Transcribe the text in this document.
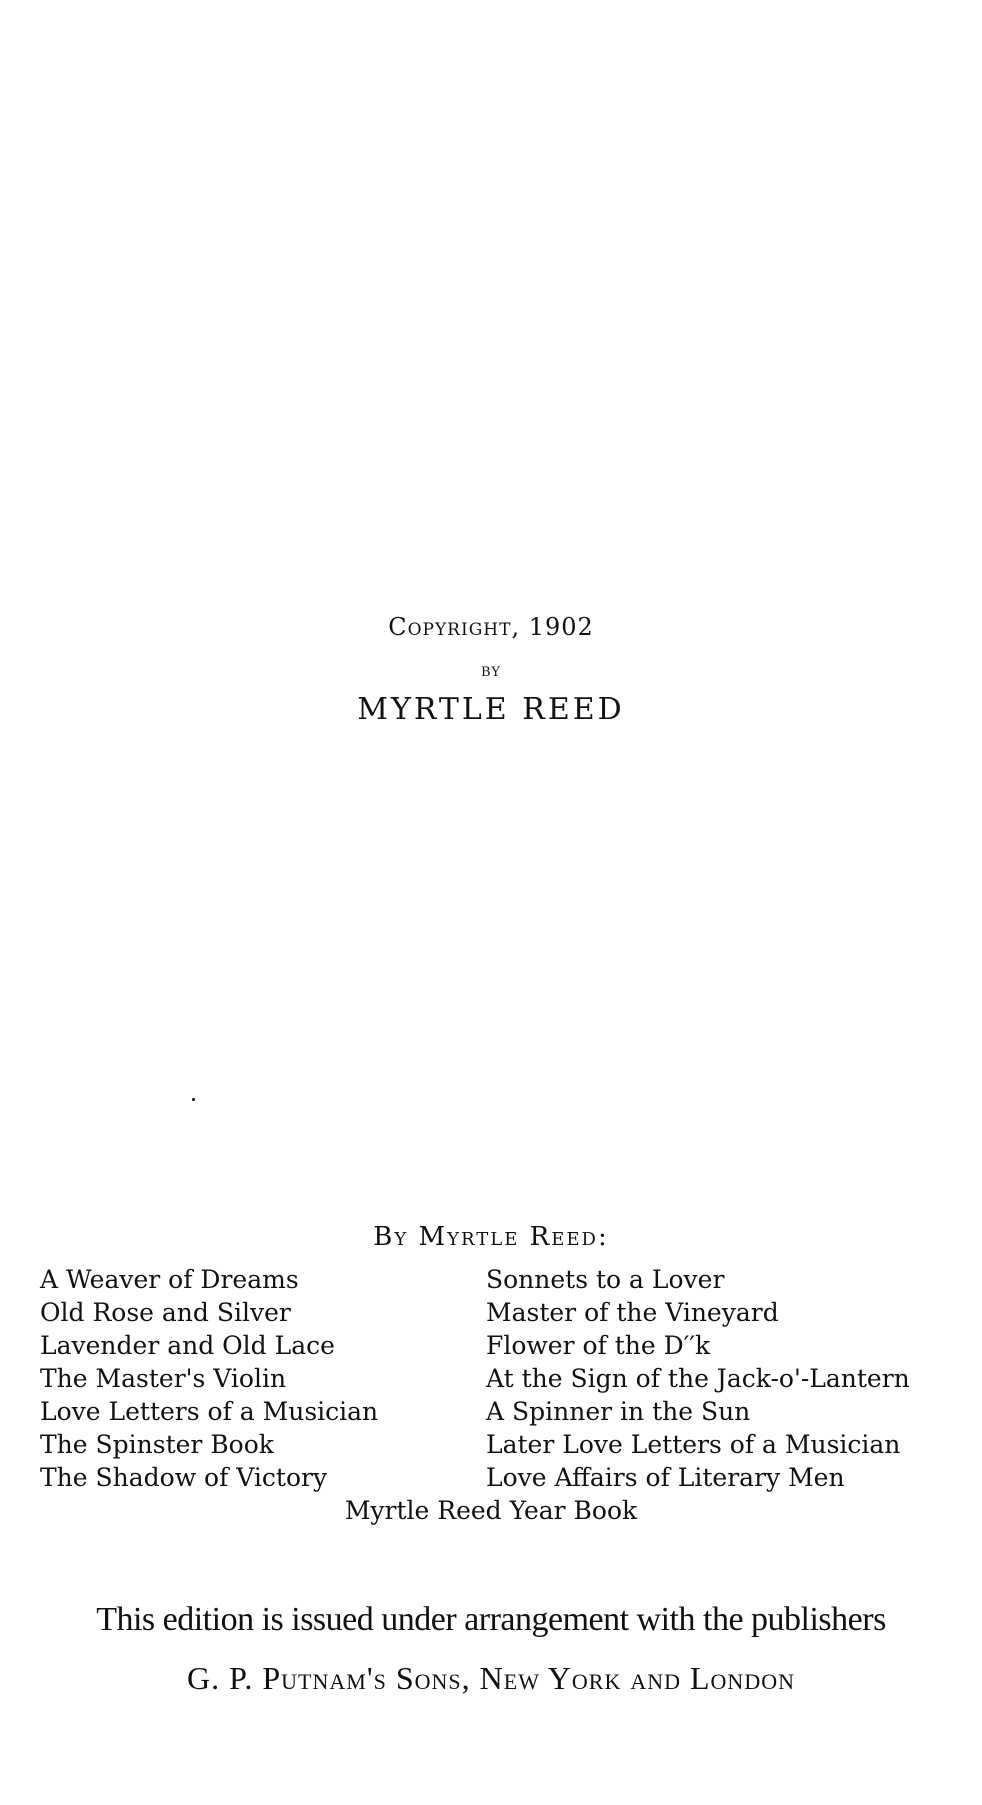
Copyright, 1902
by
MYRTLE REED
By Myrtle Reed:
A Weaver of Dreams
Old Rose and Silver
Lavender and Old Lace
The Master's Violin
Love Letters of a Musician
The Spinster Book
The Shadow of Victory
Sonnets to a Lover
Master of the Vineyard
Flower of the D′′k
At the Sign of the Jack-o'-Lantern
A Spinner in the Sun
Later Love Letters of a Musician
Love Affairs of Literary Men
Myrtle Reed Year Book
This edition is issued under arrangement with the publishers
G. P. Putnam's Sons, New York and London
